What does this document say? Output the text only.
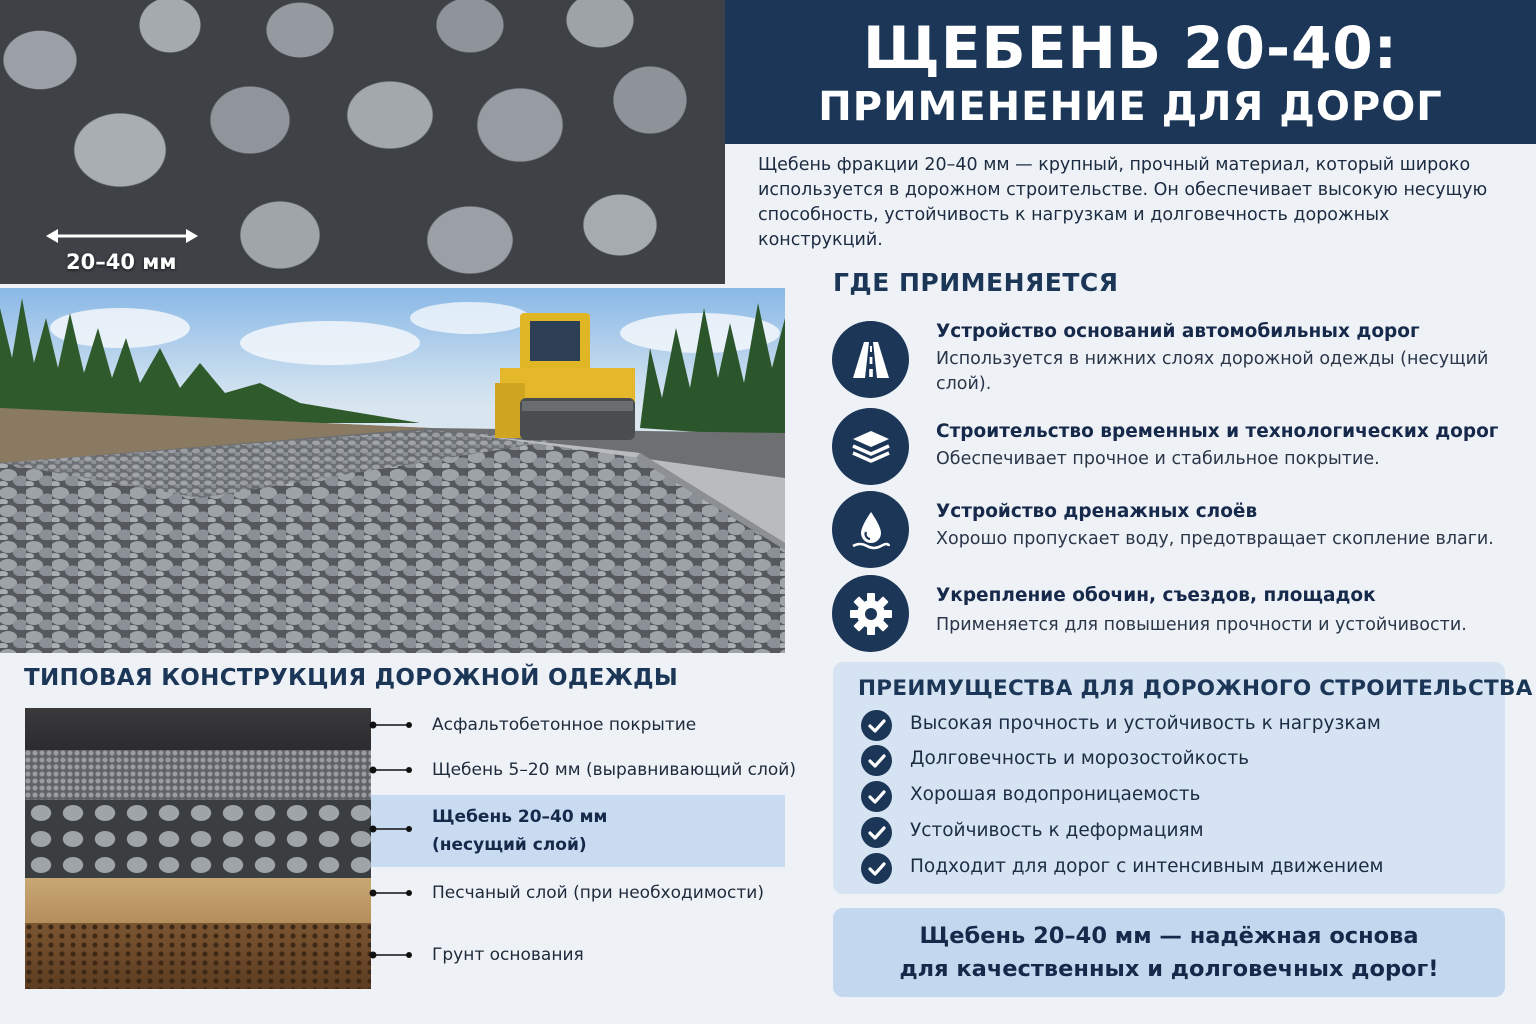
20–40 мм
ЩЕБЕНЬ 20-40:
ПРИМЕНЕНИЕ ДЛЯ ДОРОГ

Щебень фракции 20–40 мм — крупный, прочный материал, который широко используется в дорожном строительстве. Он обеспечивает высокую несущую способность, устойчивость к нагрузкам и долговечность дорожных конструкций.

ГДЕ ПРИМЕНЯЕТСЯ
Устройство оснований автомобильных дорог
Используется в нижних слоях дорожной одежды (несущий слой).
Строительство временных и технологических дорог
Обеспечивает прочное и стабильное покрытие.
Устройство дренажных слоёв
Хорошо пропускает воду, предотвращает скопление влаги.
Укрепление обочин, съездов, площадок
Применяется для повышения прочности и устойчивости.
ТИПОВАЯ КОНСТРУКЦИЯ ДОРОЖНОЙ ОДЕЖДЫ
Асфальтобетонное покрытие
Щебень 5–20 мм (выравнивающий слой)
Щебень 20–40 мм
(несущий слой)
Песчаный слой (при необходимости)
Грунт основания
ПРЕИМУЩЕСТВА ДЛЯ ДОРОЖНОГО СТРОИТЕЛЬСТВА
Высокая прочность и устойчивость к нагрузкам
Долговечность и морозостойкость
Хорошая водопроницаемость
Устойчивость к деформациям
Подходит для дорог с интенсивным движением
Щебень 20–40 мм — надёжная основа
для качественных и долговечных дорог!
